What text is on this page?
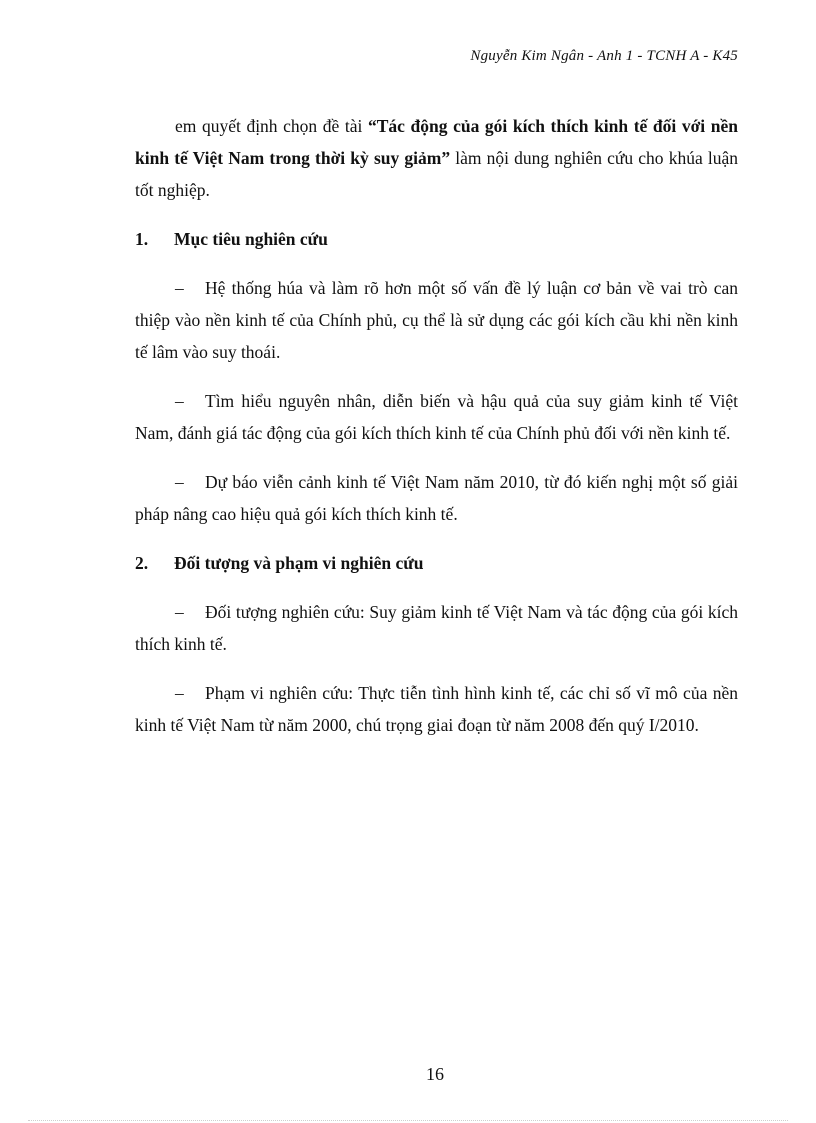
Nguyễn Kim Ngân - Anh 1 - TCNH A - K45

em quyết định chọn đề tài “Tác động của gói kích thích kinh tế đối với nền kinh tế Việt Nam trong thời kỳ suy giảm” làm nội dung nghiên cứu cho khúa luận tốt nghiệp.

1.	Mục tiêu nghiên cứu

– Hệ thống húa và làm rõ hơn một số vấn đề lý luận cơ bản về vai trò can thiệp vào nền kinh tế của Chính phủ, cụ thể là sử dụng các gói kích cầu khi nền kinh tế lâm vào suy thoái.

– Tìm hiểu nguyên nhân, diễn biến và hậu quả của suy giảm kinh tế Việt Nam, đánh giá tác động của gói kích thích kinh tế của Chính phủ đối với nền kinh tế.

– Dự báo viễn cảnh kinh tế Việt Nam năm 2010, từ đó kiến nghị một số giải pháp nâng cao hiệu quả gói kích thích kinh tế.

2.	Đối tượng và phạm vi nghiên cứu

– Đối tượng nghiên cứu: Suy giảm kinh tế Việt Nam và tác động của gói kích thích kinh tế.

– Phạm vi nghiên cứu: Thực tiễn tình hình kinh tế, các chỉ số vĩ mô của nền kinh tế Việt Nam từ năm 2000, chú trọng giai đoạn từ năm 2008 đến quý I/2010.

16
